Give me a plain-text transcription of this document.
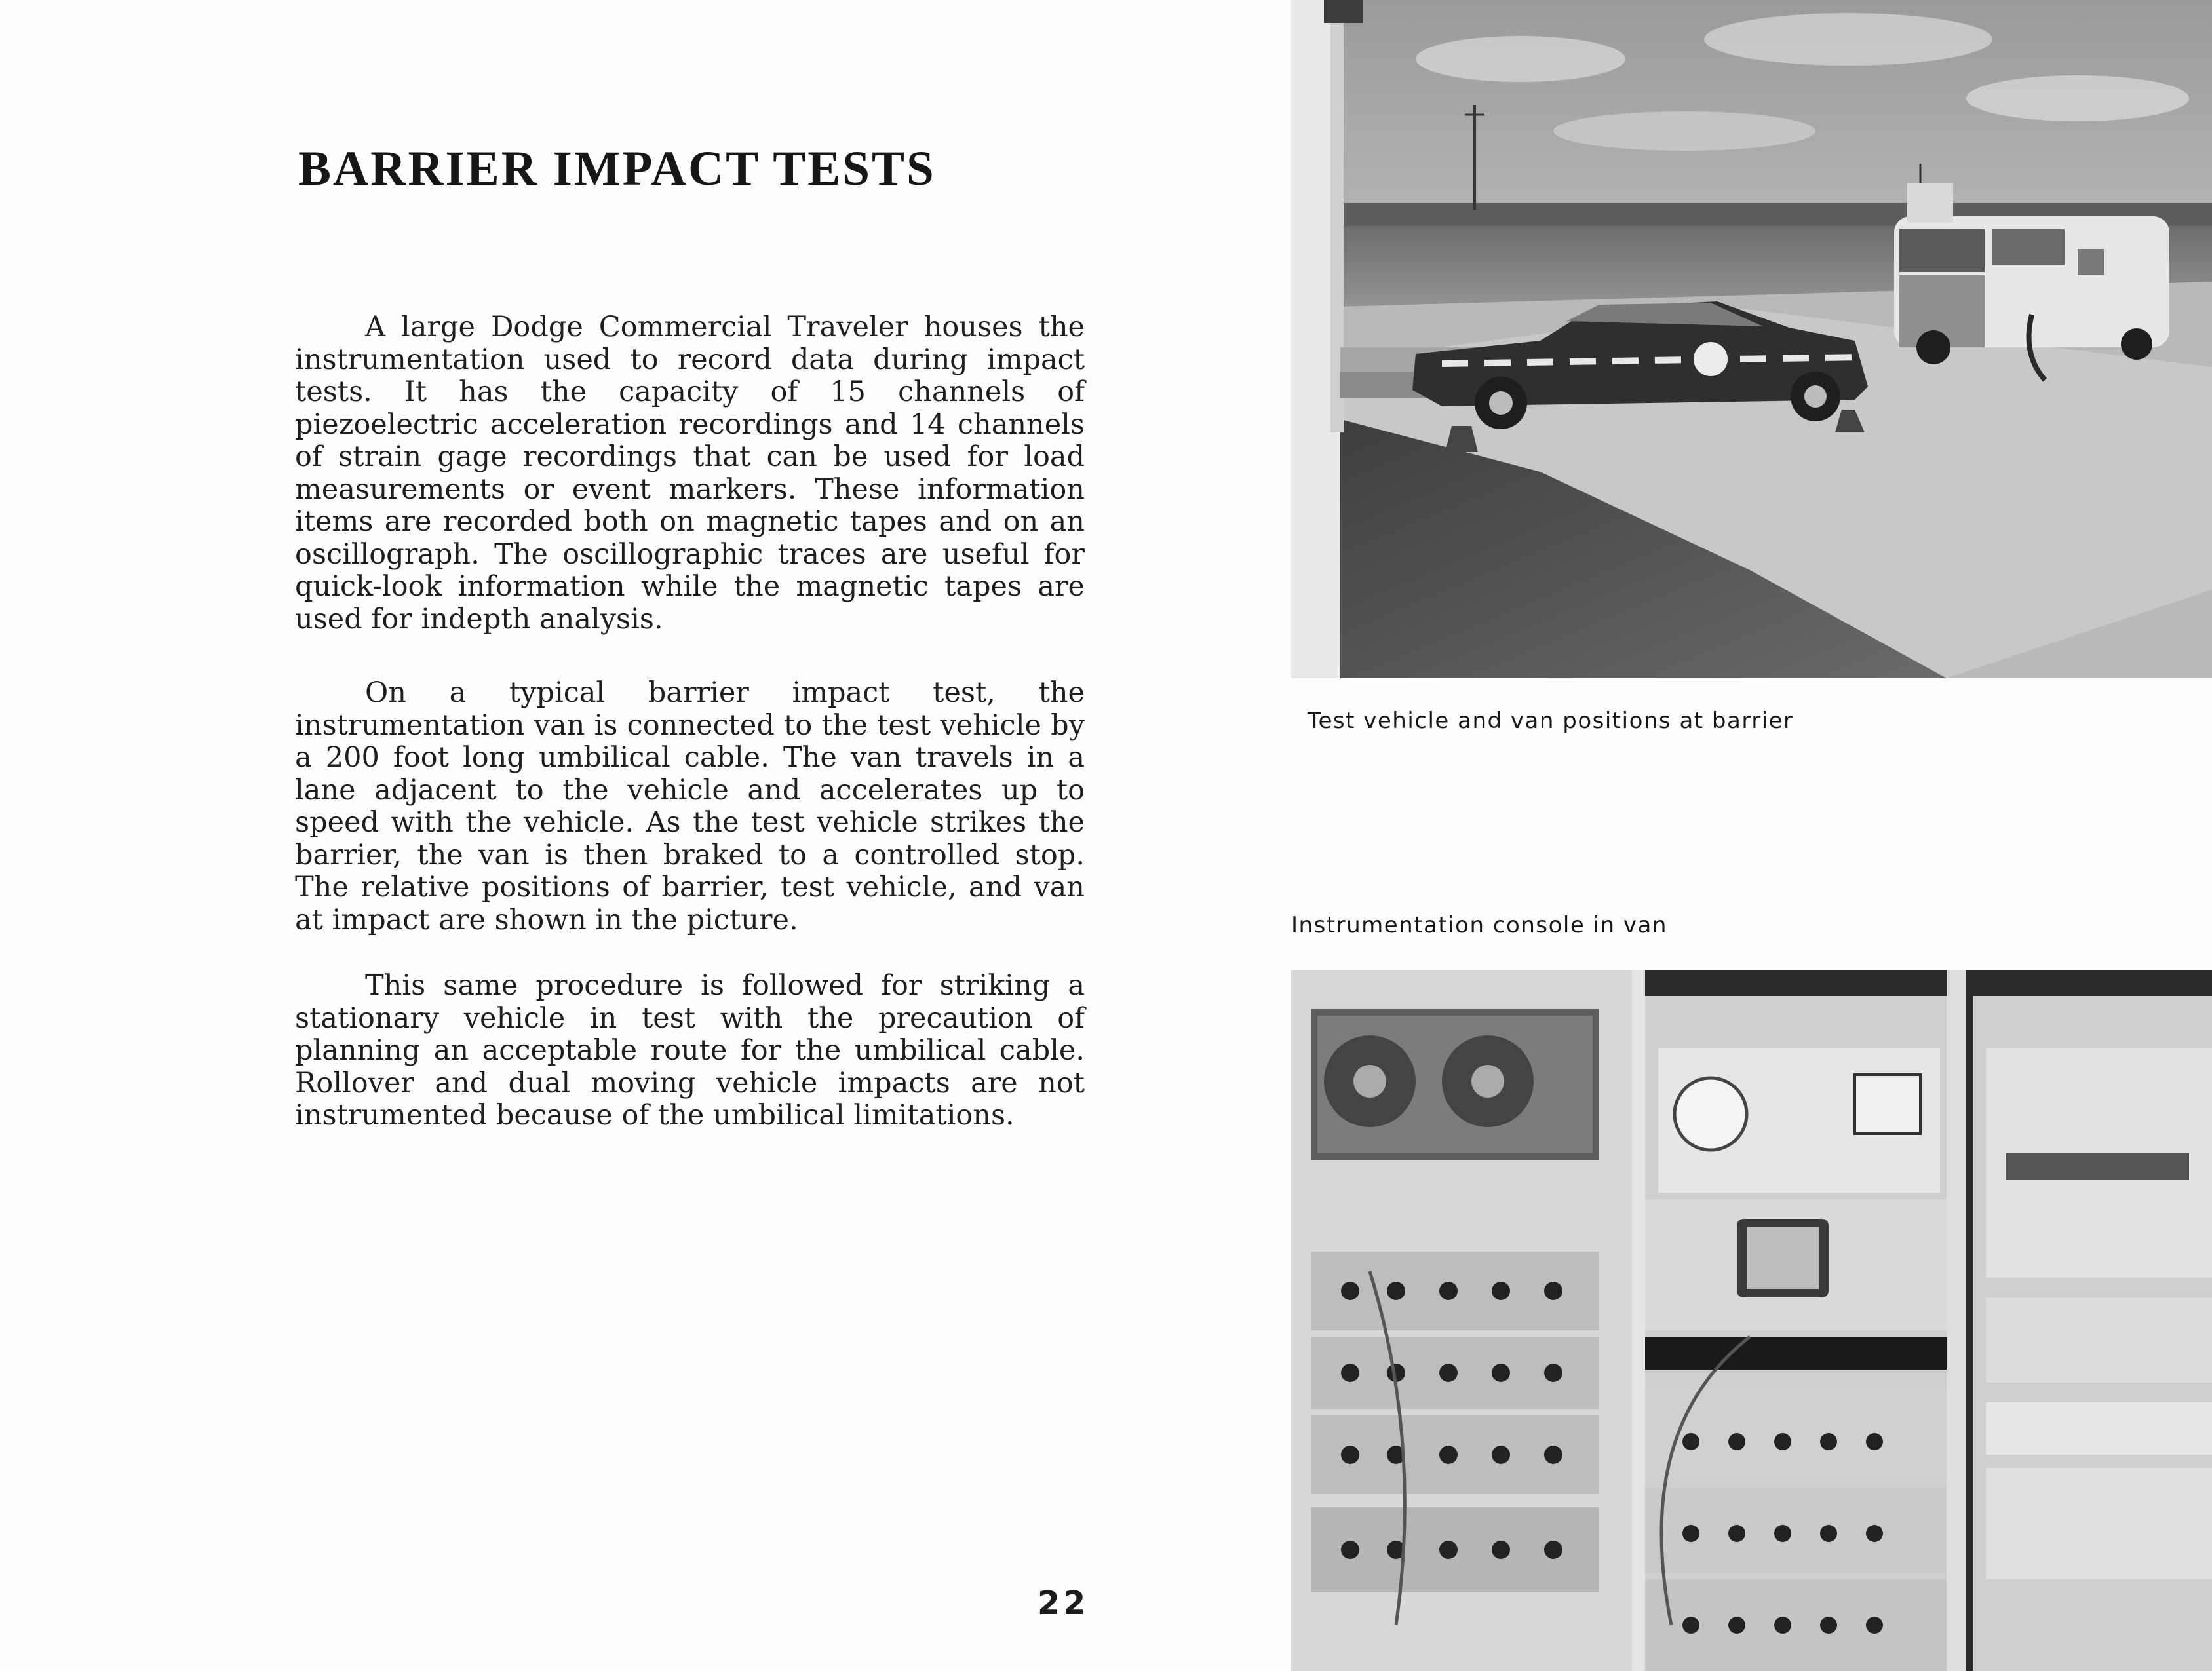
BARRIER IMPACT TESTS

A large Dodge Commercial Traveler houses the instrumentation used to record data during impact tests. It has the capacity of 15 channels of piezoelectric acceleration recordings and 14 channels of strain gage recordings that can be used for load measurements or event markers. These information items are recorded both on magnetic tapes and on an oscillograph. The oscillographic traces are useful for quick-look information while the magnetic tapes are used for indepth analysis.

On a typical barrier impact test, the instrumentation van is connected to the test vehicle by a 200 foot long umbilical cable. The van travels in a lane adjacent to the vehicle and accelerates up to speed with the vehicle. As the test vehicle strikes the barrier, the van is then braked to a controlled stop. The relative positions of barrier, test vehicle, and van at impact are shown in the picture.

This same procedure is followed for striking a stationary vehicle in test with the precaution of planning an acceptable route for the umbilical cable. Rollover and dual moving vehicle impacts are not instrumented because of the umbilical limitations.

22
Test vehicle and van positions at barrier
Instrumentation console in van
